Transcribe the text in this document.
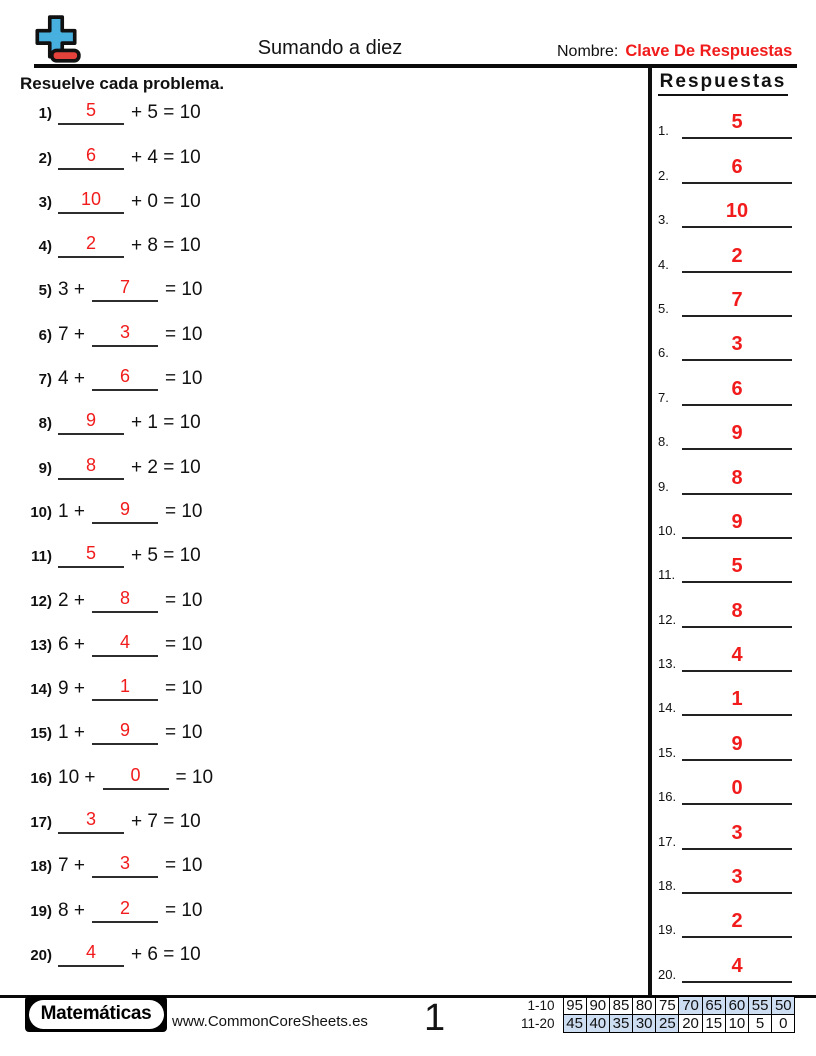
Sumando a diez	Nombre: Clave De Respuestas
Resuelve cada problema.
1)	5	+ 5 = 10
2)	6	+ 4 = 10
3)	10	+ 0 = 10
4)	2	+ 8 = 10
5) 3 +	7	= 10
6) 7 +	3	= 10
7) 4 +	6	= 10
8)	9	+ 1 = 10
9)	8	+ 2 = 10
10) 1 +	9	= 10
11)	5	+ 5 = 10
12) 2 +	8	= 10
13) 6 +	4	= 10
14) 9 +	1	= 10
15) 1 +	9	= 10
16) 10 +	0	= 10
17)	3	+ 7 = 10
18) 7 +	3	= 10
19) 8 +	2	= 10
20)	4	+ 6 = 10
Respuestas
1.	5
2.	6
3.	10
4.	2
5.	7
6.	3
7.	6
8.	9
9.	8
10.	9
11.	5
12.	8
13.	4
14.	1
15.	9
16.	0
17.	3
18.	3
19.	2
20.	4
Matemáticas www.CommonCoreSheets.es 1	1-10	95	90	85	80	75	70	65	60	55	50
11-20	45	40	35	30	25	20	15	10	5	0
